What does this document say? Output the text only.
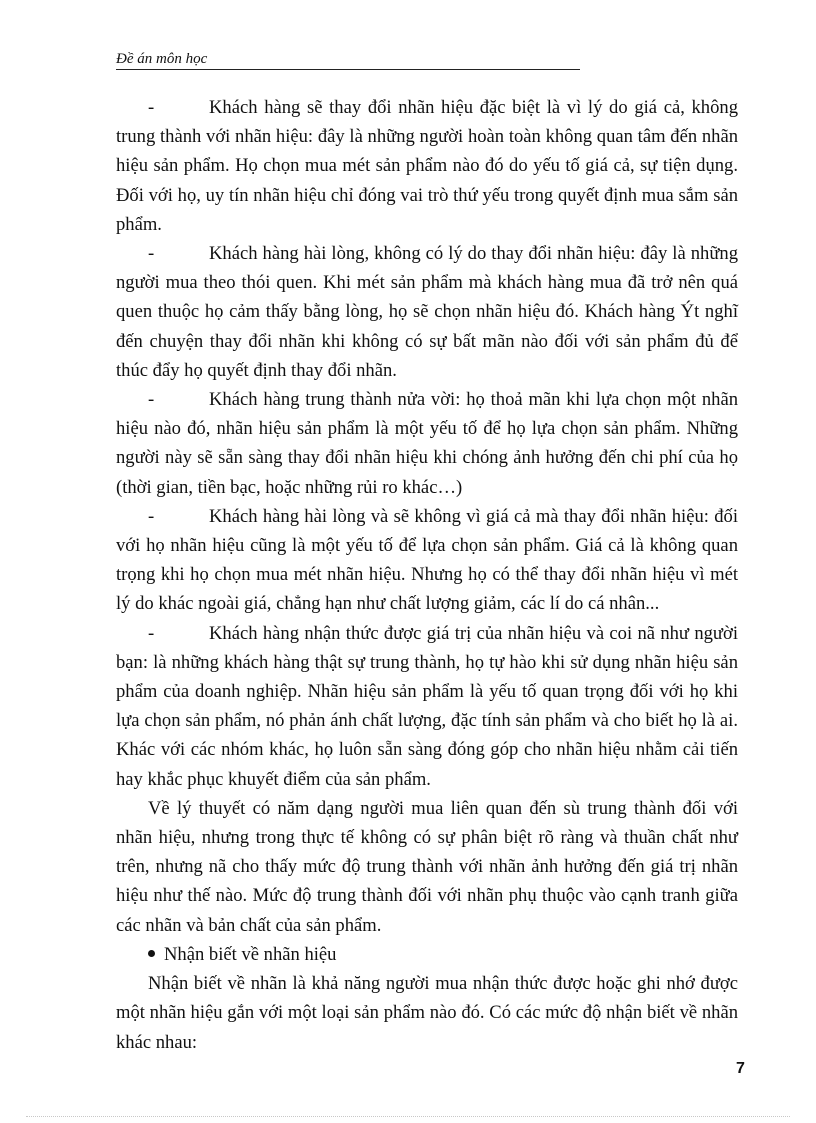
Đề án môn học

-	Khách hàng sẽ thay đổi nhãn hiệu đặc biệt là vì lý do giá cả, không trung thành với nhãn hiệu: đây là những người hoàn toàn không quan tâm đến nhãn hiệu sản phẩm. Họ chọn mua mét sản phẩm nào đó do yếu tố giá cả, sự tiện dụng. Đối với họ, uy tín nhãn hiệu chỉ đóng vai trò thứ yếu trong quyết định mua sắm sản phẩm.

-	Khách hàng hài lòng, không có lý do thay đổi nhãn hiệu: đây là những người mua theo thói quen. Khi mét sản phẩm mà khách hàng mua đã trở nên quá quen thuộc họ cảm thấy bằng lòng, họ sẽ chọn nhãn hiệu đó. Khách hàng Ýt nghĩ đến chuyện thay đổi nhãn khi không có sự bất mãn nào đối với sản phẩm đủ để thúc đẩy họ quyết định thay đổi nhãn.

-	Khách hàng trung thành nửa vời: họ thoả mãn khi lựa chọn một nhãn hiệu nào đó, nhãn hiệu sản phẩm là một yếu tố để họ lựa chọn sản phẩm. Những người này sẽ sẵn sàng thay đổi nhãn hiệu khi chóng ảnh hưởng đến chi phí của họ (thời gian, tiền bạc, hoặc những rủi ro khác…)

-	Khách hàng hài lòng và sẽ không vì giá cả mà thay đổi nhãn hiệu: đối với họ nhãn hiệu cũng là một yếu tố để lựa chọn sản phẩm. Giá cả là không quan trọng khi họ chọn mua mét nhãn hiệu. Nhưng họ có thể thay đổi nhãn hiệu vì mét lý do khác ngoài giá, chẳng hạn như chất lượng giảm, các lí do cá nhân...

-	Khách hàng nhận thức được giá trị của nhãn hiệu và coi nã như người bạn: là những khách hàng thật sự trung thành, họ tự hào khi sử dụng nhãn hiệu sản phẩm của doanh nghiệp. Nhãn hiệu sản phẩm là yếu tố quan trọng đối với họ khi lựa chọn sản phẩm, nó phản ánh chất lượng, đặc tính sản phẩm và cho biết họ là ai. Khác với các nhóm khác, họ luôn sẵn sàng đóng góp cho nhãn hiệu nhằm cải tiến hay khắc phục khuyết điểm của sản phẩm.

Về lý thuyết có năm dạng người mua liên quan đến sù trung thành đối với nhãn hiệu, nhưng trong thực tế không có sự phân biệt rõ ràng và thuần chất như trên, nhưng nã cho thấy mức độ trung thành với nhãn ảnh hưởng đến giá trị nhãn hiệu như thế nào. Mức độ trung thành đối với nhãn phụ thuộc vào cạnh tranh giữa các nhãn và bản chất của sản phẩm.

Nhận biết về nhãn hiệu

Nhận biết về nhãn là khả năng người mua nhận thức được hoặc ghi nhớ được một nhãn hiệu gắn với một loại sản phẩm nào đó. Có các mức độ nhận biết về nhãn khác nhau:

7
